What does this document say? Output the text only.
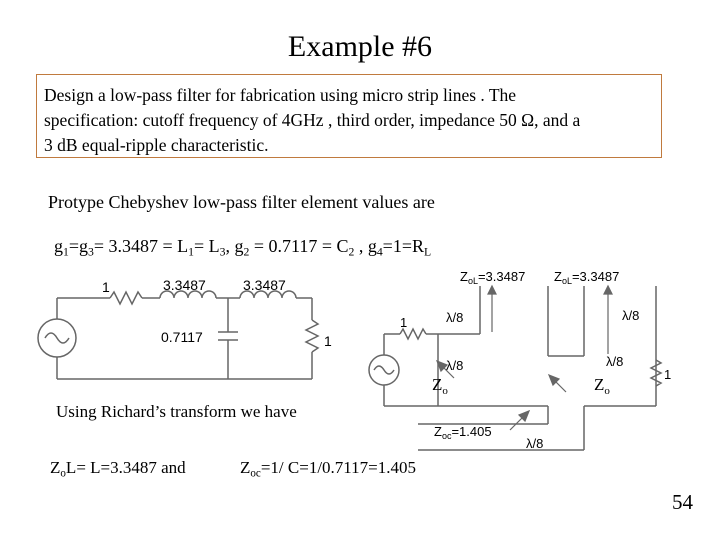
Example #6
Design a low-pass filter for fabrication using micro strip lines . The
specification: cutoff frequency of 4GHz , third order, impedance 50 Ω, and a
3 dB equal-ripple characteristic.
Protype Chebyshev low-pass filter element values are
$g_1=g_3= 3.3487 = L_1= L_3$, $g_2 = 0.7117 = C_2$ , $g_4=1=R_L$
1	3.3487	3.3487
0.7117	1
$Z_{oL}=3.3487$ $Z_{oL}=3.3487$
λ/8	λ/8
1
λ/8	λ/8
1
$Z_{oc}=1.405$
λ/8
$Z_o$	$Z_o$
Using Richard’s transform we have
$Z_oL= L=3.3487$ and	$Z_{oc}=1/$ C=1/0.7117=1.405
54
